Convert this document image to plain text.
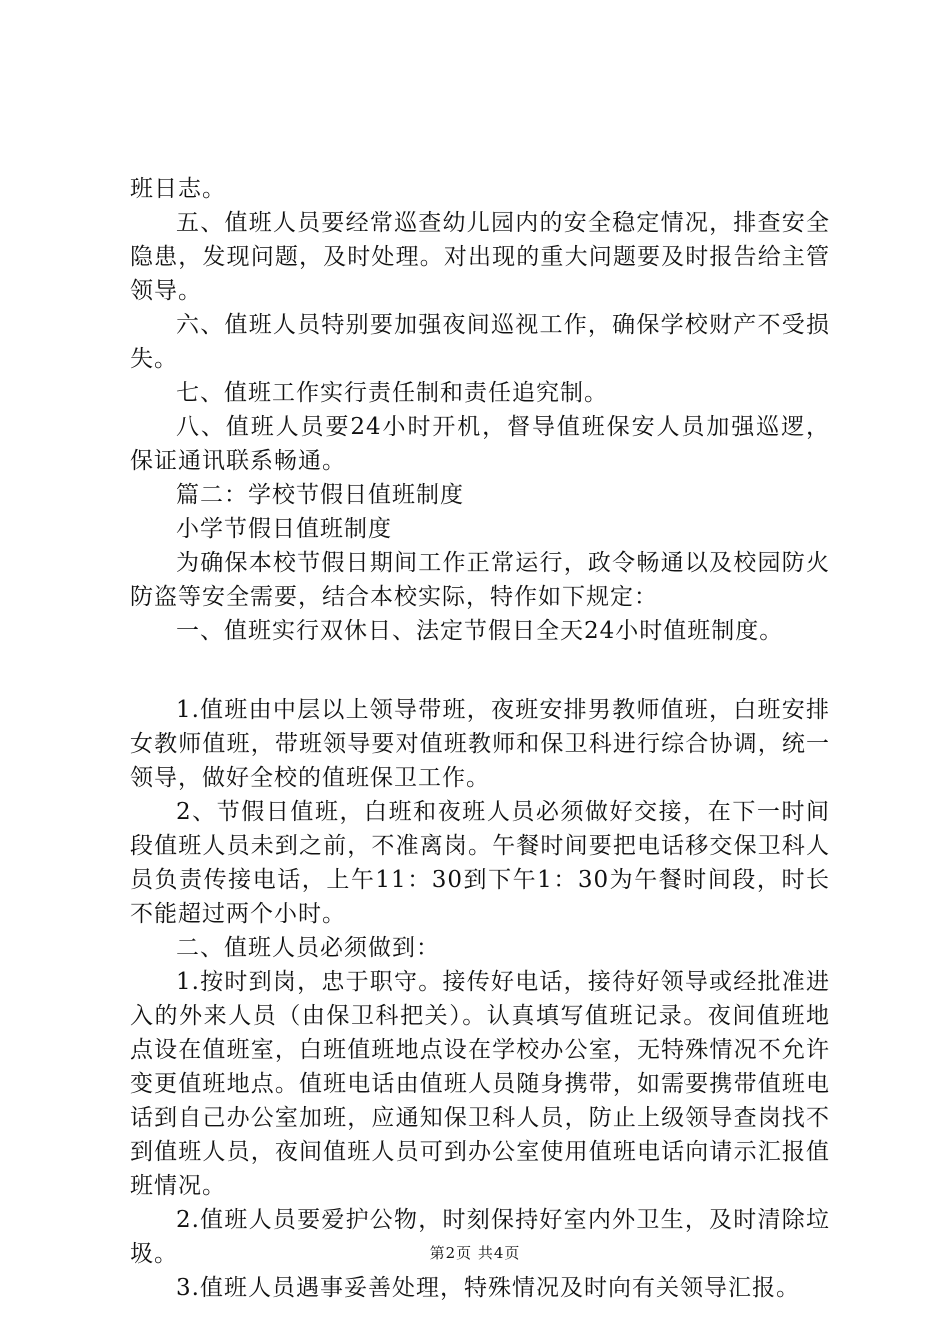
班日志。

五、值班人员要经常巡查幼儿园内的安全稳定情况，排查安全隐患，发现问题，及时处理。对出现的重大问题要及时报告给主管领导。

六、值班人员特别要加强夜间巡视工作，确保学校财产不受损失。

七、值班工作实行责任制和责任追究制。

八、值班人员要24小时开机，督导值班保安人员加强巡逻，保证通讯联系畅通。

篇二：学校节假日值班制度

小学节假日值班制度

为确保本校节假日期间工作正常运行，政令畅通以及校园防火防盗等安全需要，结合本校实际，特作如下规定：

一、值班实行双休日、法定节假日全天24小时值班制度。

1.值班由中层以上领导带班，夜班安排男教师值班，白班安排女教师值班，带班领导要对值班教师和保卫科进行综合协调，统一领导，做好全校的值班保卫工作。

2、节假日值班，白班和夜班人员必须做好交接，在下一时间段值班人员未到之前，不准离岗。午餐时间要把电话移交保卫科人员负责传接电话，上午11：30到下午1：30为午餐时间段，时长不能超过两个小时。

二、值班人员必须做到：

1.按时到岗，忠于职守。接传好电话，接待好领导或经批准进入的外来人员（由保卫科把关）。认真填写值班记录。夜间值班地点设在值班室，白班值班地点设在学校办公室，无特殊情况不允许变更值班地点。值班电话由值班人员随身携带，如需要携带值班电话到自己办公室加班，应通知保卫科人员，防止上级领导查岗找不到值班人员，夜间值班人员可到办公室使用值班电话向请示汇报值班情况。

2.值班人员要爱护公物，时刻保持好室内外卫生，及时清除垃圾。

3.值班人员遇事妥善处理，特殊情况及时向有关领导汇报。

第2页 共4页
